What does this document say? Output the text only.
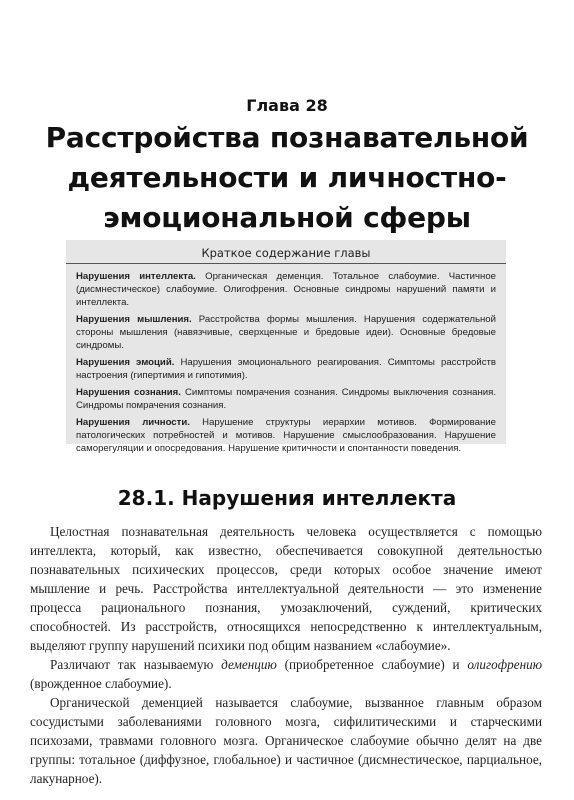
Глава 28
Расстройства познавательной деятельности и личностно-эмоциональной сферы
Краткое содержание главы
Нарушения интеллекта. Органическая деменция. Тотальное слабоумие. Частичное (дисмнестическое) слабоумие. Олигофрения. Основные синдромы нарушений памяти и интеллекта.
Нарушения мышления. Расстройства формы мышления. Нарушения содержательной стороны мышления (навязчивые, сверхценные и бредовые идеи). Основные бредовые синдромы.
Нарушения эмоций. Нарушения эмоционального реагирования. Симптомы расстройств настроения (гипертимия и гипотимия).
Нарушения сознания. Симптомы помрачения сознания. Синдромы выключения сознания. Синдромы помрачения сознания.
Нарушения личности. Нарушение структуры иерархии мотивов. Формирование патологических потребностей и мотивов. Нарушение смыслообразования. Нарушение саморегуляции и опосредования. Нарушение критичности и спонтанности поведения.
28.1. Нарушения интеллекта

Целостная познавательная деятельность человека осуществляется с помощью интеллекта, который, как известно, обеспечивается совокупной деятельностью познавательных психических процессов, среди которых особое значение имеют мышление и речь. Расстройства интеллектуальной деятельности — это изменение процесса рационального познания, умозаключений, суждений, критических способностей. Из расстройств, относящихся непосредственно к интеллектуальным, выделяют группу нарушений психики под общим названием «слабоумие».

Различают так называемую деменцию (приобретенное слабоумие) и олигофрению (врожденное слабоумие).

Органической деменцией называется слабоумие, вызванное главным образом сосудистыми заболеваниями головного мозга, сифилитическими и старческими психозами, травмами головного мозга. Органическое слабоумие обычно делят на две группы: тотальное (диффузное, глобальное) и частичное (дисмнестическое, парциальное, лакунарное).
